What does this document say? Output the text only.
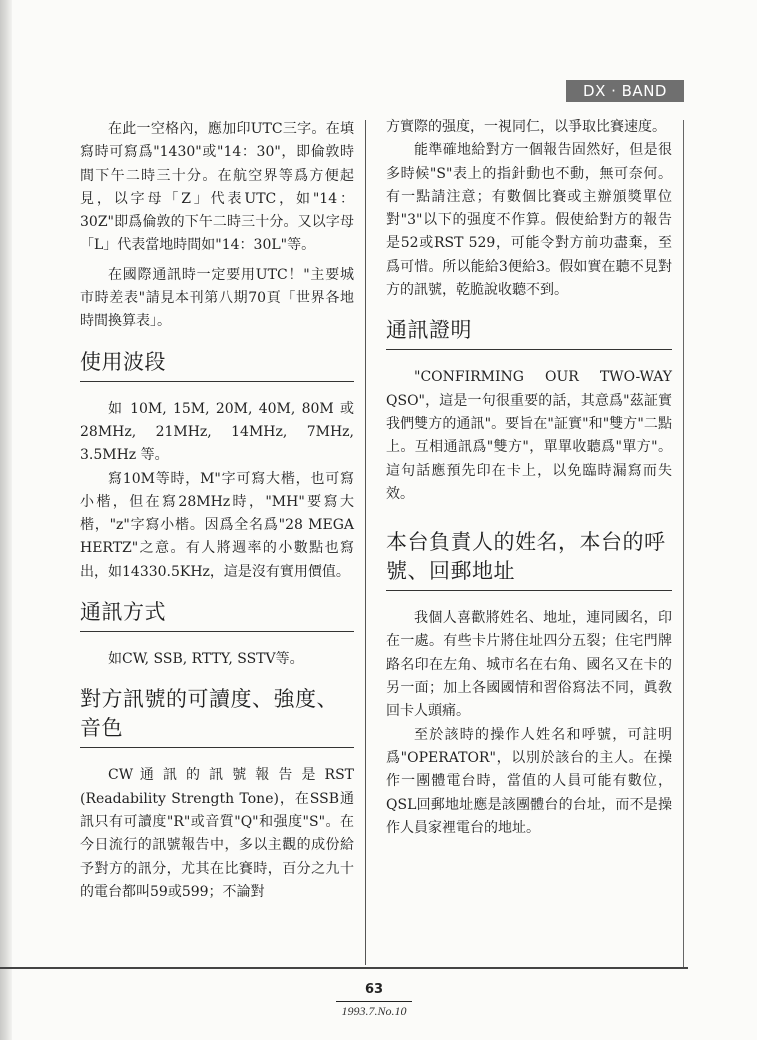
DX · BAND

在此一空格內，應加印UTC三字。在填寫時可寫爲"1430"或"14：30"，即倫敦時間下午二時三十分。在航空界等爲方便起見，以字母「Z」代表UTC，如"14：30Z"即爲倫敦的下午二時三十分。又以字母「L」代表當地時間如"14：30L"等。

在國際通訊時一定要用UTC！"主要城市時差表"請見本刊第八期70頁「世界各地時間換算表」。

使用波段

如 10M, 15M, 20M, 40M, 80M 或 28MHz, 21MHz, 14MHz, 7MHz, 3.5MHz 等。

寫10M等時，M"字可寫大楷，也可寫小楷，但在寫28MHz時，"MH"要寫大楷，"z"字寫小楷。因爲全名爲"28 MEGA HERTZ"之意。有人將週率的小數點也寫出，如14330.5KHz，這是沒有實用價值。

通訊方式

如CW, SSB, RTTY, SSTV等。

對方訊號的可讀度、強度、音色

CW 通 訊 的 訊 號 報 告 是 RST (Readability Strength Tone)，在SSB通訊只有可讀度"R"或音質"Q"和强度"S"。在今日流行的訊號報告中，多以主觀的成份給予對方的訊分，尤其在比賽時，百分之九十的電台都叫59或599；不論對

方實際的强度，一視同仁，以爭取比賽速度。

能準確地給對方一個報告固然好，但是很多時候"S"表上的指針動也不動，無可奈何。有一點請注意；有數個比賽或主辦頒獎單位對"3"以下的强度不作算。假使給對方的報告是52或RST 529，可能令對方前功盡棄，至爲可惜。所以能給3便給3。假如實在聽不見對方的訊號，乾脆說收聽不到。

通訊證明

"CONFIRMING OUR TWO-WAY QSO"，這是一句很重要的話，其意爲"茲証實我們雙方的通訊"。要旨在"証實"和"雙方"二點上。互相通訊爲"雙方"，單單收聽爲"單方"。這句話應預先印在卡上，以免臨時漏寫而失效。

本台負責人的姓名，本台的呼號、回郵地址

我個人喜歡將姓名、地址，連同國名，印在一處。有些卡片將住址四分五裂；住宅門牌路名印在左角、城市名在右角、國名又在卡的另一面；加上各國國情和習俗寫法不同，眞敎回卡人頭痛。

至於該時的操作人姓名和呼號，可註明爲"OPERATOR"，以別於該台的主人。在操作一團體電台時，當值的人員可能有數位，QSL回郵地址應是該團體台的台址，而不是操作人員家裡電台的地址。

63
1993.7.No.10
